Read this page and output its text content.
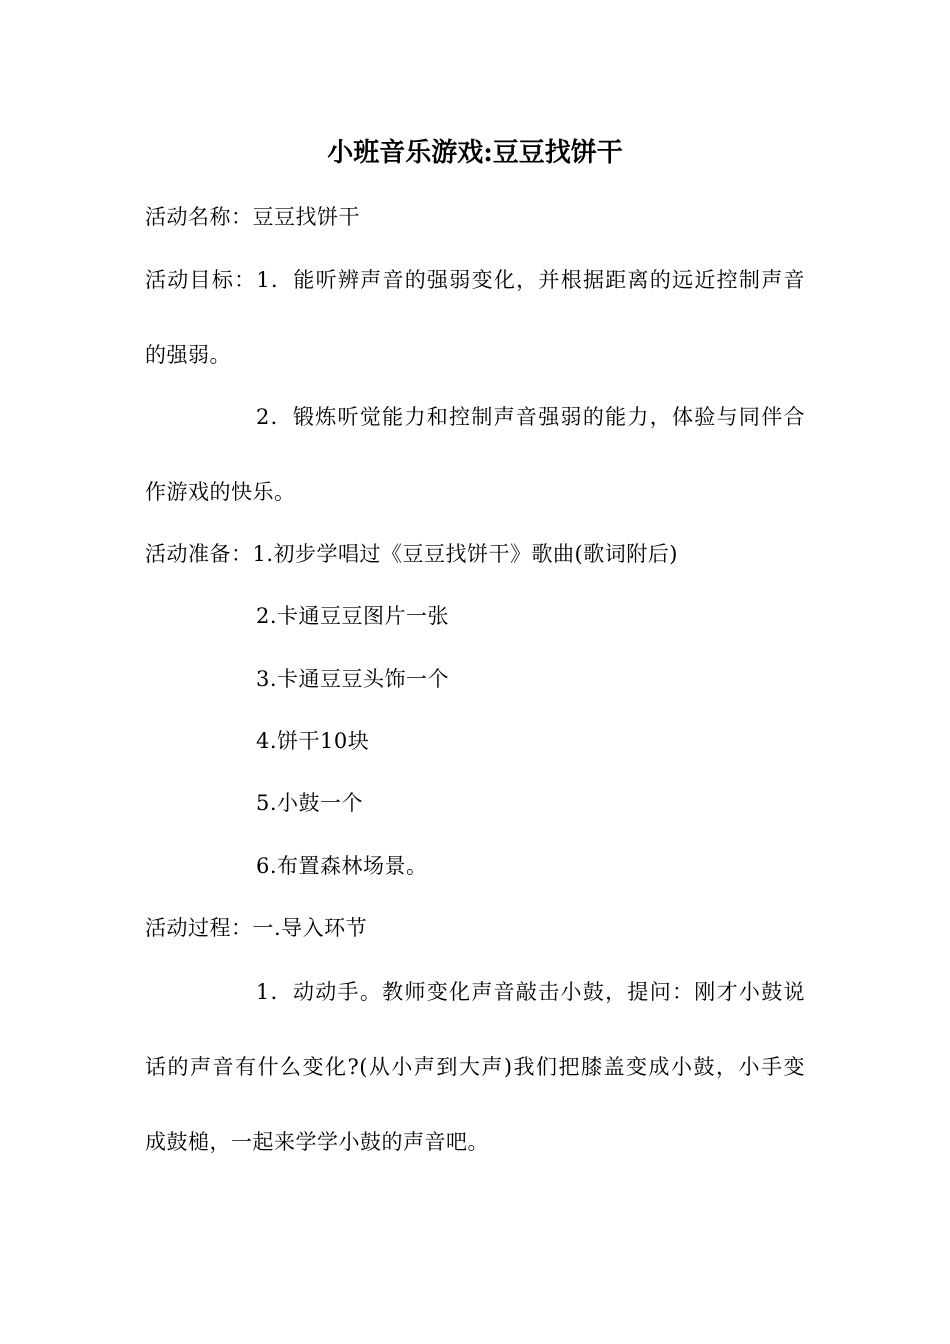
小班音乐游戏:豆豆找饼干
活动名称：豆豆找饼干
活动目标：1．能听辨声音的强弱变化，并根据距离的远近控制声音
的强弱。
2．锻炼听觉能力和控制声音强弱的能力，体验与同伴合
作游戏的快乐。
活动准备：1.初步学唱过《豆豆找饼干》歌曲(歌词附后)
2.卡通豆豆图片一张
3.卡通豆豆头饰一个
4.饼干10块
5.小鼓一个
6.布置森林场景。
活动过程：一.导入环节
1．动动手。教师变化声音敲击小鼓，提问：刚才小鼓说
话的声音有什么变化?(从小声到大声)我们把膝盖变成小鼓，小手变
成鼓槌，一起来学学小鼓的声音吧。
